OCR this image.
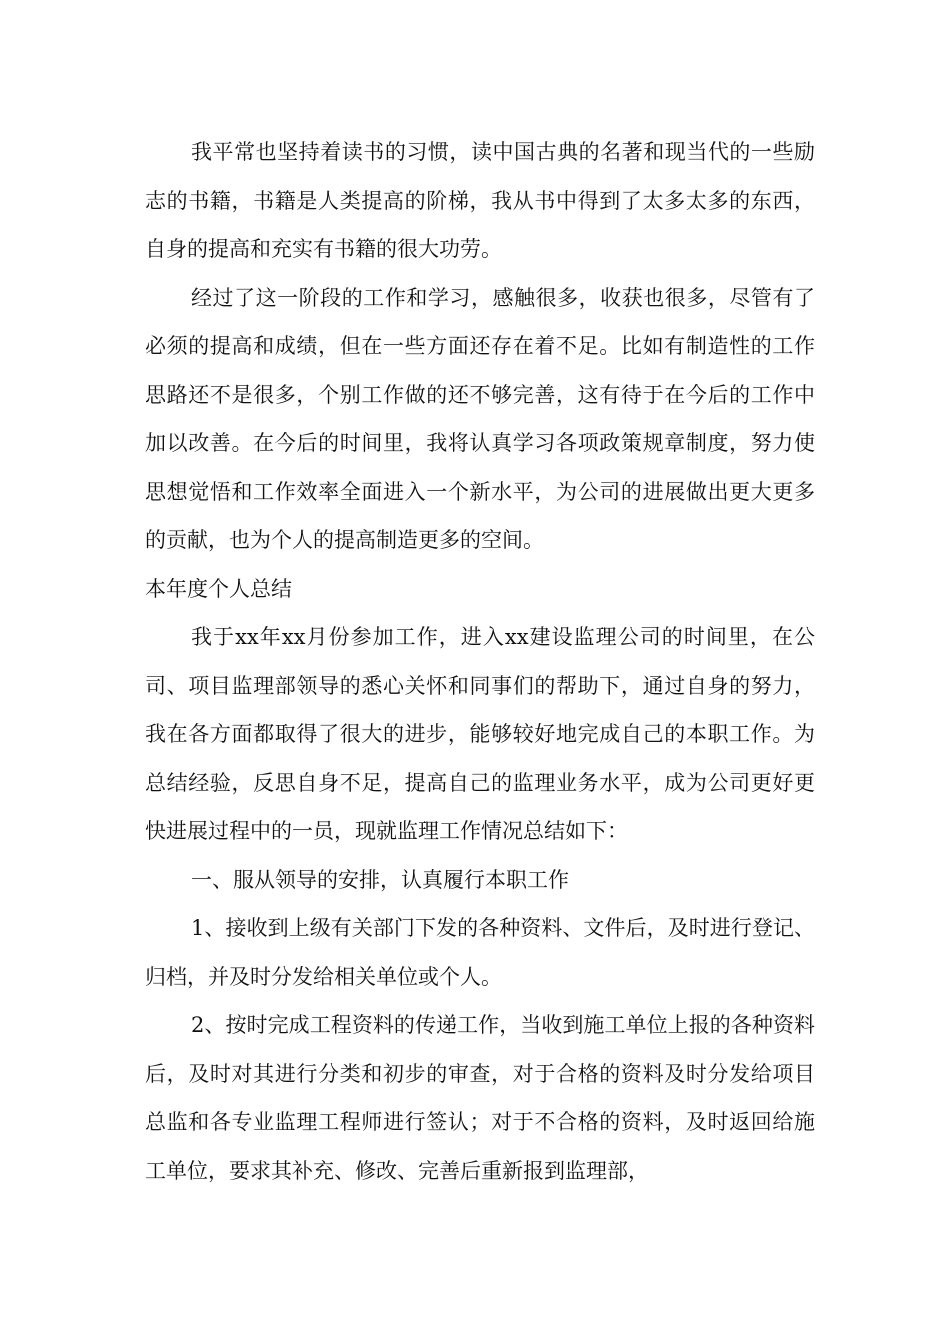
我平常也坚持着读书的习惯，读中国古典的名著和现当代的一些励志的书籍，书籍是人类提高的阶梯，我从书中得到了太多太多的东西，自身的提高和充实有书籍的很大功劳。

经过了这一阶段的工作和学习，感触很多，收获也很多，尽管有了必须的提高和成绩，但在一些方面还存在着不足。比如有制造性的工作思路还不是很多，个别工作做的还不够完善，这有待于在今后的工作中加以改善。在今后的时间里，我将认真学习各项政策规章制度，努力使思想觉悟和工作效率全面进入一个新水平，为公司的进展做出更大更多的贡献，也为个人的提高制造更多的空间。

本年度个人总结

我于xx年xx月份参加工作，进入xx建设监理公司的时间里，在公司、项目监理部领导的悉心关怀和同事们的帮助下，通过自身的努力，我在各方面都取得了很大的进步，能够较好地完成自己的本职工作。为总结经验，反思自身不足，提高自己的监理业务水平，成为公司更好更快进展过程中的一员，现就监理工作情况总结如下：

一、服从领导的安排，认真履行本职工作

1、接收到上级有关部门下发的各种资料、文件后，及时进行登记、归档，并及时分发给相关单位或个人。

2、按时完成工程资料的传递工作，当收到施工单位上报的各种资料后，及时对其进行分类和初步的审查，对于合格的资料及时分发给项目总监和各专业监理工程师进行签认；对于不合格的资料，及时返回给施工单位，要求其补充、修改、完善后重新报到监理部，
